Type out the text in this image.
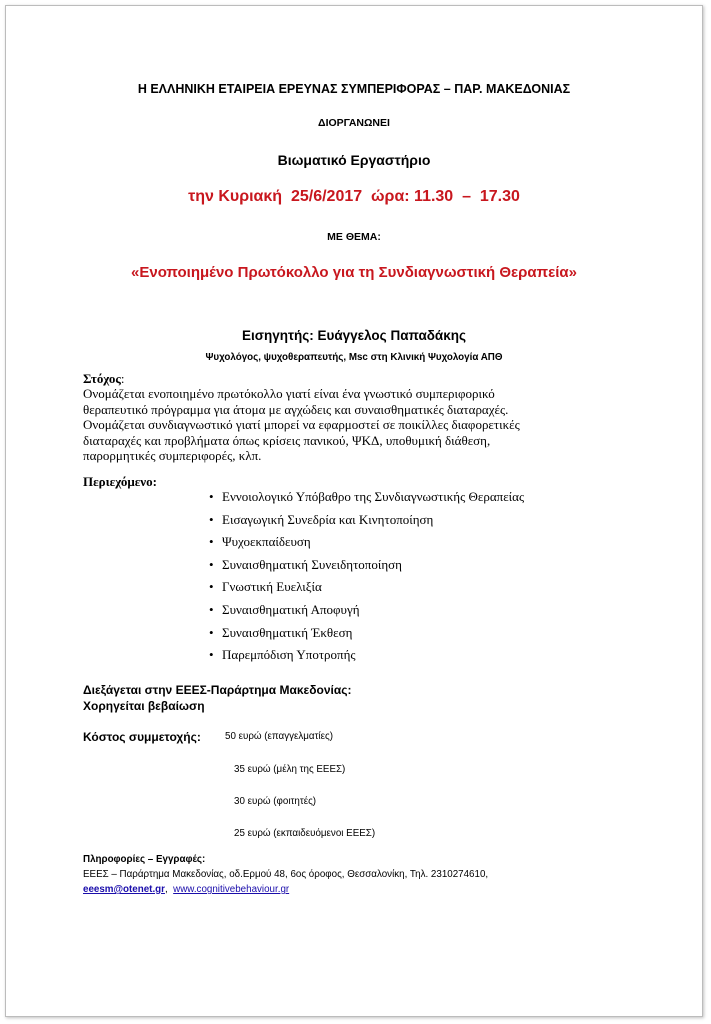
Η ΕΛΛΗΝΙΚΗ ΕΤΑΙΡΕΙΑ ΕΡΕΥΝΑΣ ΣΥΜΠΕΡΙΦΟΡΑΣ – ΠΑΡ. ΜΑΚΕΔΟΝΙΑΣ
ΔΙΟΡΓΑΝΩΝΕΙ
Βιωματικό Εργαστήριο
την Κυριακή  25/6/2017  ώρα: 11.30  –  17.30
ΜΕ ΘΕΜΑ:
«Ενοποιημένο Πρωτόκολλο για τη Συνδιαγνωστική Θεραπεία»
Εισηγητής: Ευάγγελος Παπαδάκης
Ψυχολόγος, ψυχοθεραπευτής, Msc στη Κλινική Ψυχολογία ΑΠΘ
Στόχος:
Ονομάζεται ενοποιημένο πρωτόκολλο γιατί είναι ένα γνωστικό συμπεριφορικό
θεραπευτικό πρόγραμμα για άτομα με αγχώδεις και συναισθηματικές διαταραχές.
Ονομάζεται συνδιαγνωστικό γιατί μπορεί να εφαρμοστεί σε ποικίλλες διαφορετικές
διαταραχές και προβλήματα όπως κρίσεις πανικού, ΨΚΔ, υποθυμική διάθεση,
παρορμητικές συμπεριφορές, κλπ.
Περιεχόμενο:
• Εννοιολογικό Υπόβαθρο της Συνδιαγνωστικής Θεραπείας
• Εισαγωγική Συνεδρία και Κινητοποίηση
• Ψυχοεκπαίδευση
• Συναισθηματική Συνειδητοποίηση
• Γνωστική Ευελιξία
• Συναισθηματική Αποφυγή
• Συναισθηματική Έκθεση
• Παρεμπόδιση Υποτροπής
Διεξάγεται στην ΕΕΕΣ-Παράρτημα Μακεδονίας:
Χορηγείται βεβαίωση
Κόστος συμμετοχής: 50 ευρώ (επαγγελματίες)
35 ευρώ (μέλη της ΕΕΕΣ)
30 ευρώ (φοιτητές)
25 ευρώ (εκπαιδευόμενοι ΕΕΕΣ)
Πληροφορίες – Εγγραφές:
ΕΕΕΣ – Παράρτημα Μακεδονίας, οδ.Ερμού 48, 6ος όροφος, Θεσσαλονίκη, Τηλ. 2310274610,
eeesm@otenet.gr, www.cognitivebehaviour.gr
